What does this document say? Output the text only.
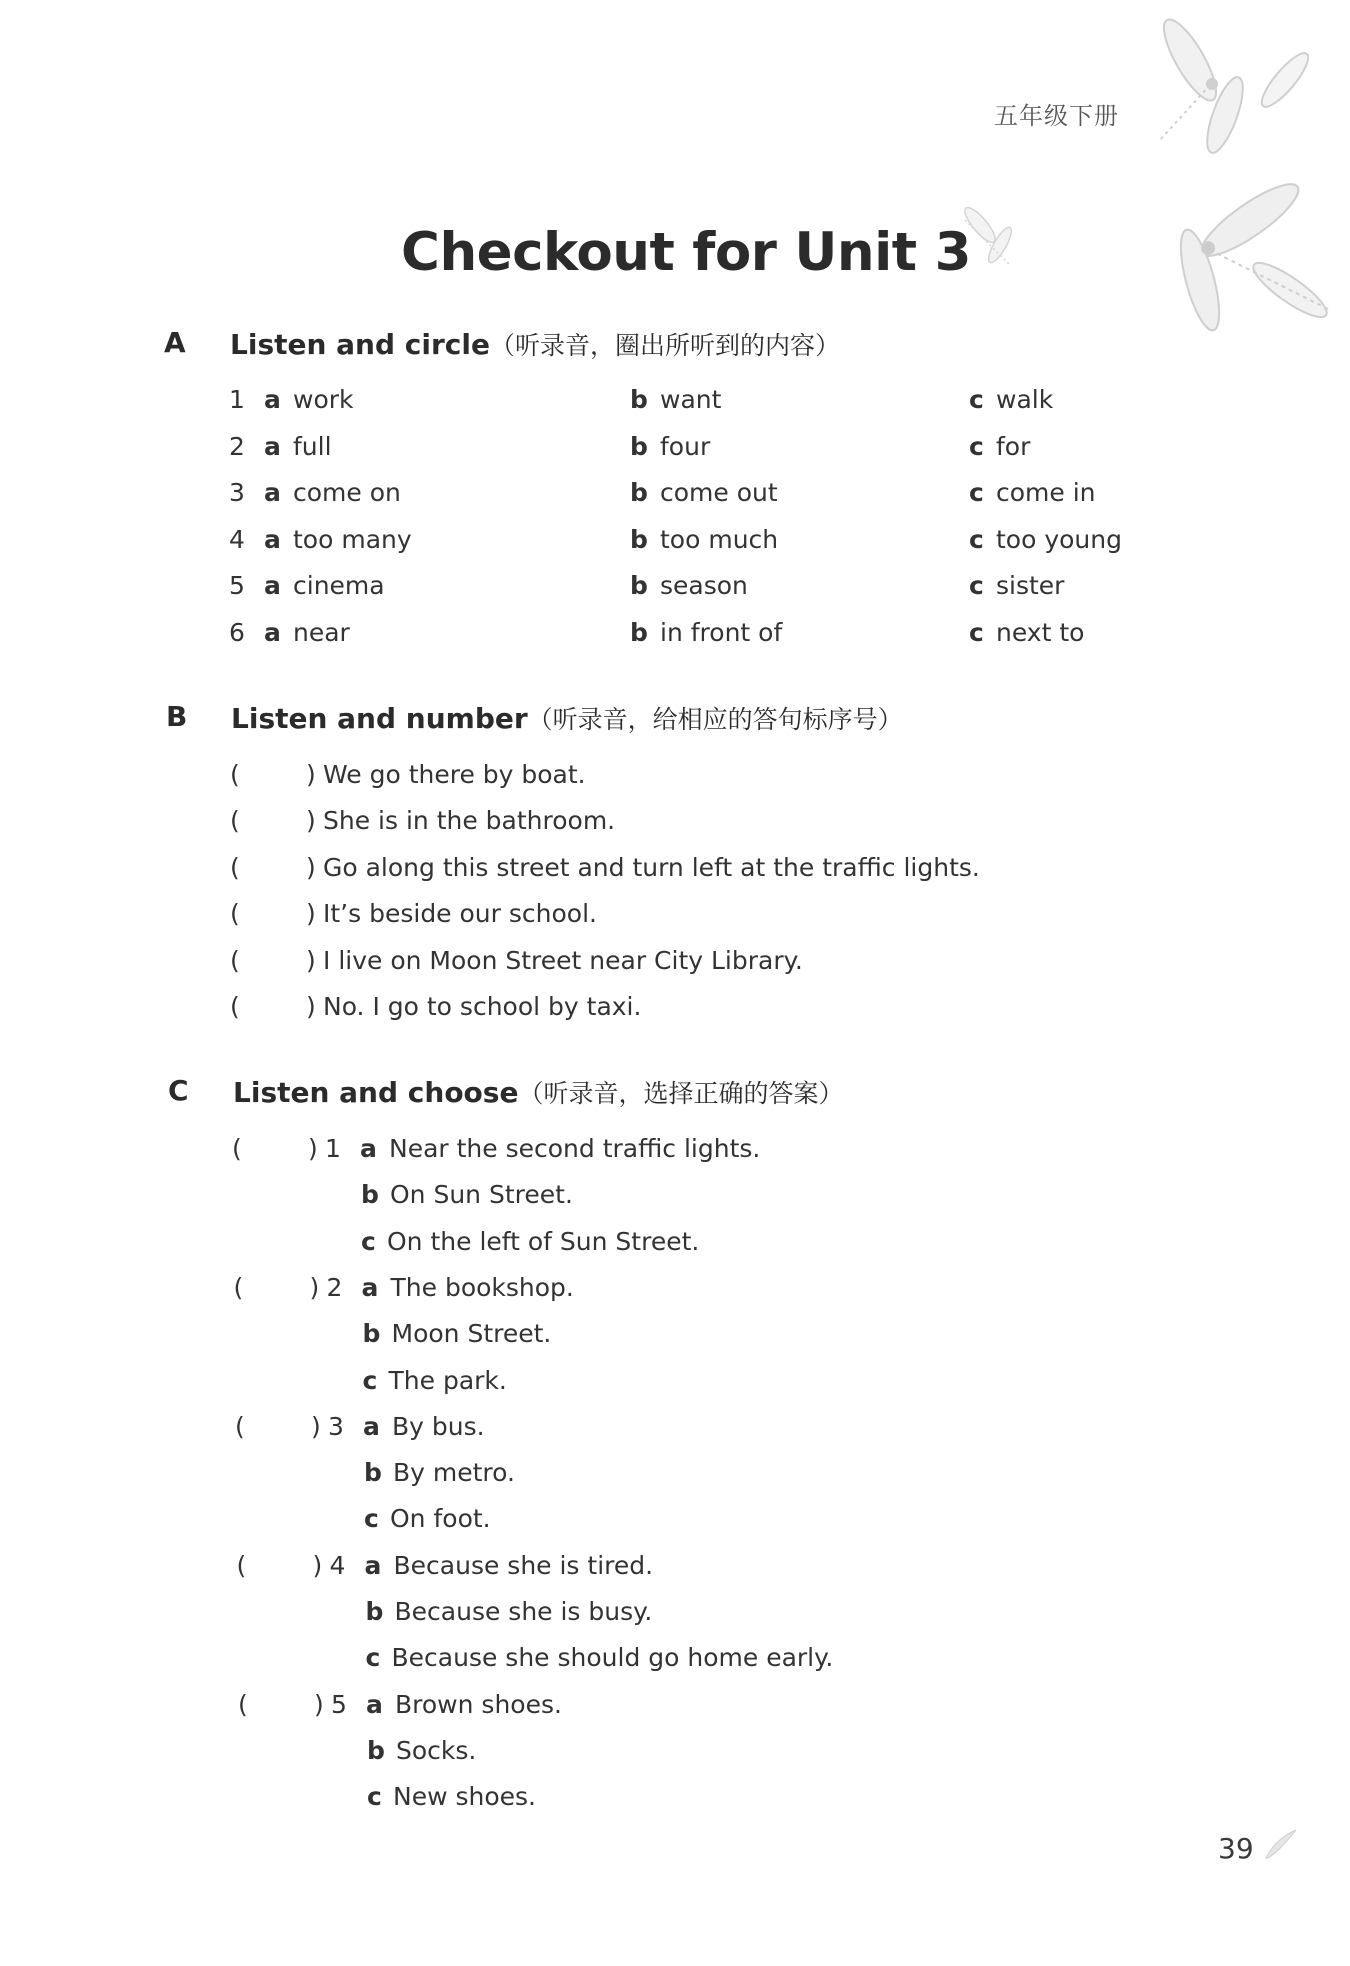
五年级下册
Checkout for Unit 3
A Listen and circle（听录音，圈出所听到的内容）
1 a work	b want	c walk
2 a full	b four	c for
3 a come on	b come out	c come in
4 a too many	b too much	c too young
5 a cinema	b season	c sister
6 a near	b in front of	c next to
B Listen and number（听录音，给相应的答句标序号）
(	) We go there by boat.
(	) She is in the bathroom.
(	) Go along this street and turn left at the traffic lights.
(	) It’s beside our school.
(	) I live on Moon Street near City Library.
(	) No. I go to school by taxi.
C Listen and choose（听录音，选择正确的答案）
(	) 1 a Near the second traffic lights.
b On Sun Street.
c On the left of Sun Street.
(	) 2 a The bookshop.
b Moon Street.
c The park.
(	) 3 a By bus.
b By metro.
c On foot.
(	) 4 a Because she is tired.
b Because she is busy.
c Because she should go home early.
(	) 5 a Brown shoes.
b Socks.
c New shoes.
39
